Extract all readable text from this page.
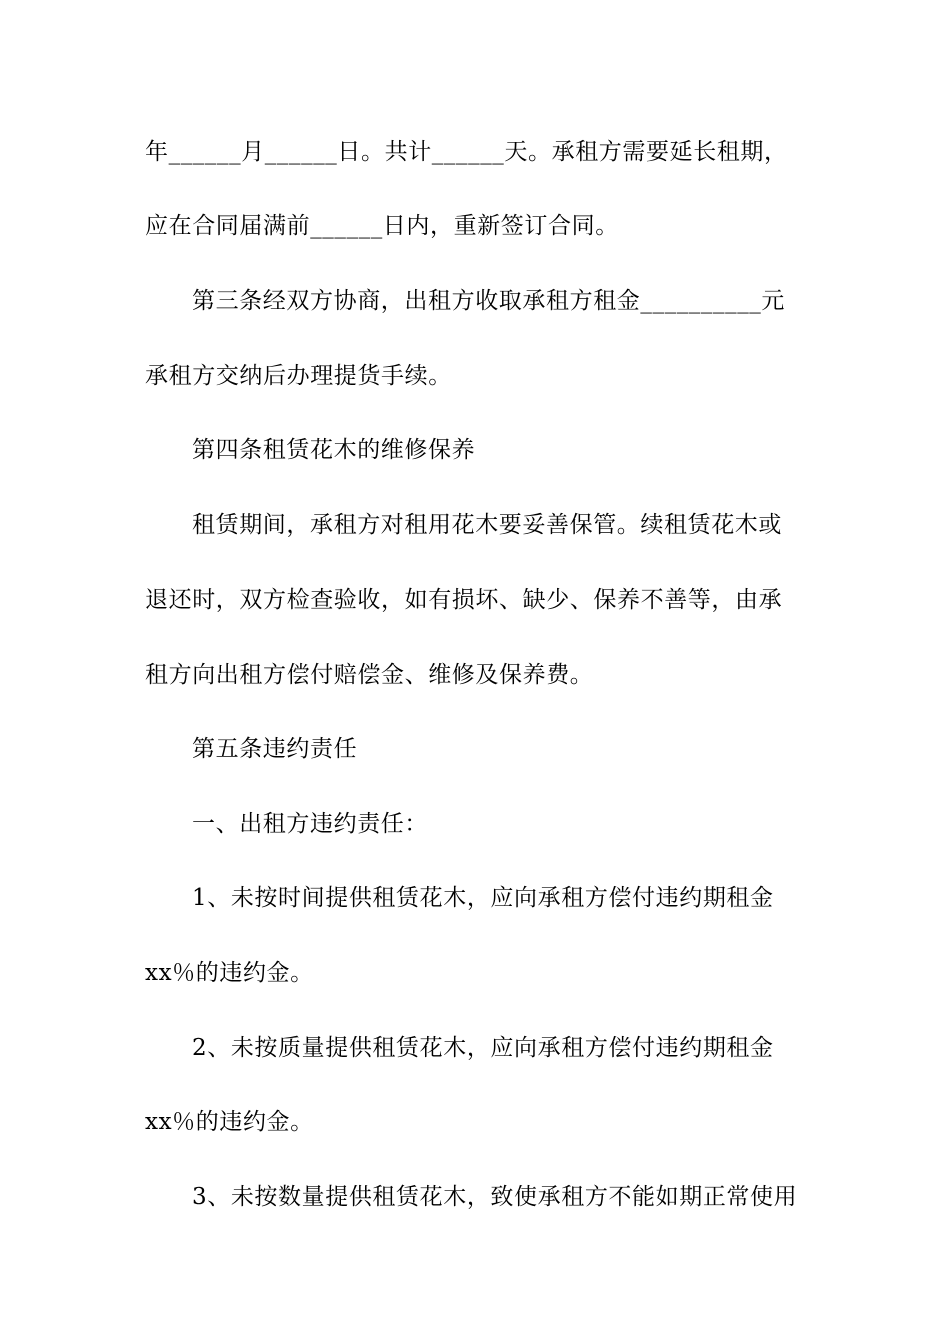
年______月______日。共计______天。承租方需要延长租期，
应在合同届满前______日内，重新签订合同。
第三条经双方协商，出租方收取承租方租金__________元
承租方交纳后办理提货手续。
第四条租赁花木的维修保养
租赁期间，承租方对租用花木要妥善保管。续租赁花木或
退还时，双方检查验收，如有损坏、缺少、保养不善等，由承
租方向出租方偿付赔偿金、维修及保养费。
第五条违约责任
一、出租方违约责任：
1、未按时间提供租赁花木，应向承租方偿付违约期租金
xx％的违约金。
2、未按质量提供租赁花木，应向承租方偿付违约期租金
xx％的违约金。
3、未按数量提供租赁花木，致使承租方不能如期正常使用
